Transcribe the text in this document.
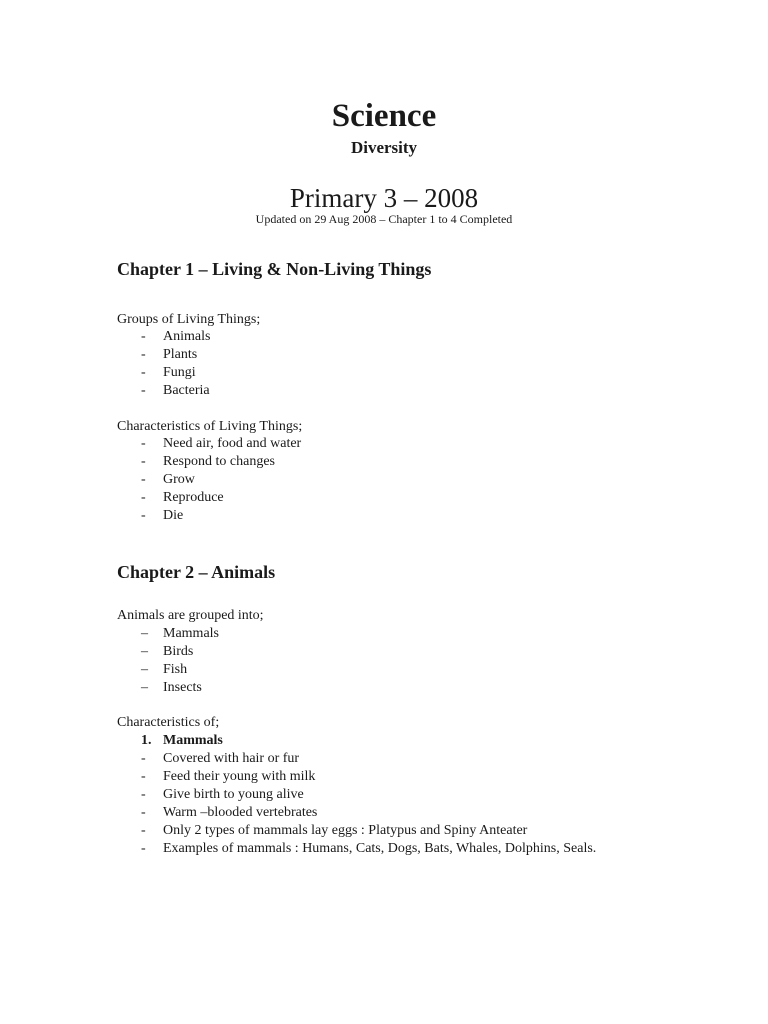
Science
Diversity
Primary 3 – 2008
Updated on 29 Aug 2008 – Chapter 1 to 4 Completed
Chapter 1 – Living & Non-Living Things
Groups of Living Things;
-	Animals
-	Plants
-	Fungi
-	Bacteria
Characteristics of Living Things;
-	Need air, food and water
-	Respond to changes
-	Grow
-	Reproduce
-	Die
Chapter 2 – Animals
Animals are grouped into;
–	Mammals
–	Birds
–	Fish
–	Insects
Characteristics of;
1. Mammals
-	Covered with hair or fur
-	Feed their young with milk
-	Give birth to young alive
-	Warm –blooded vertebrates
-	Only 2 types of mammals lay eggs : Platypus and Spiny Anteater
-	Examples of mammals : Humans, Cats, Dogs, Bats, Whales, Dolphins, Seals.
